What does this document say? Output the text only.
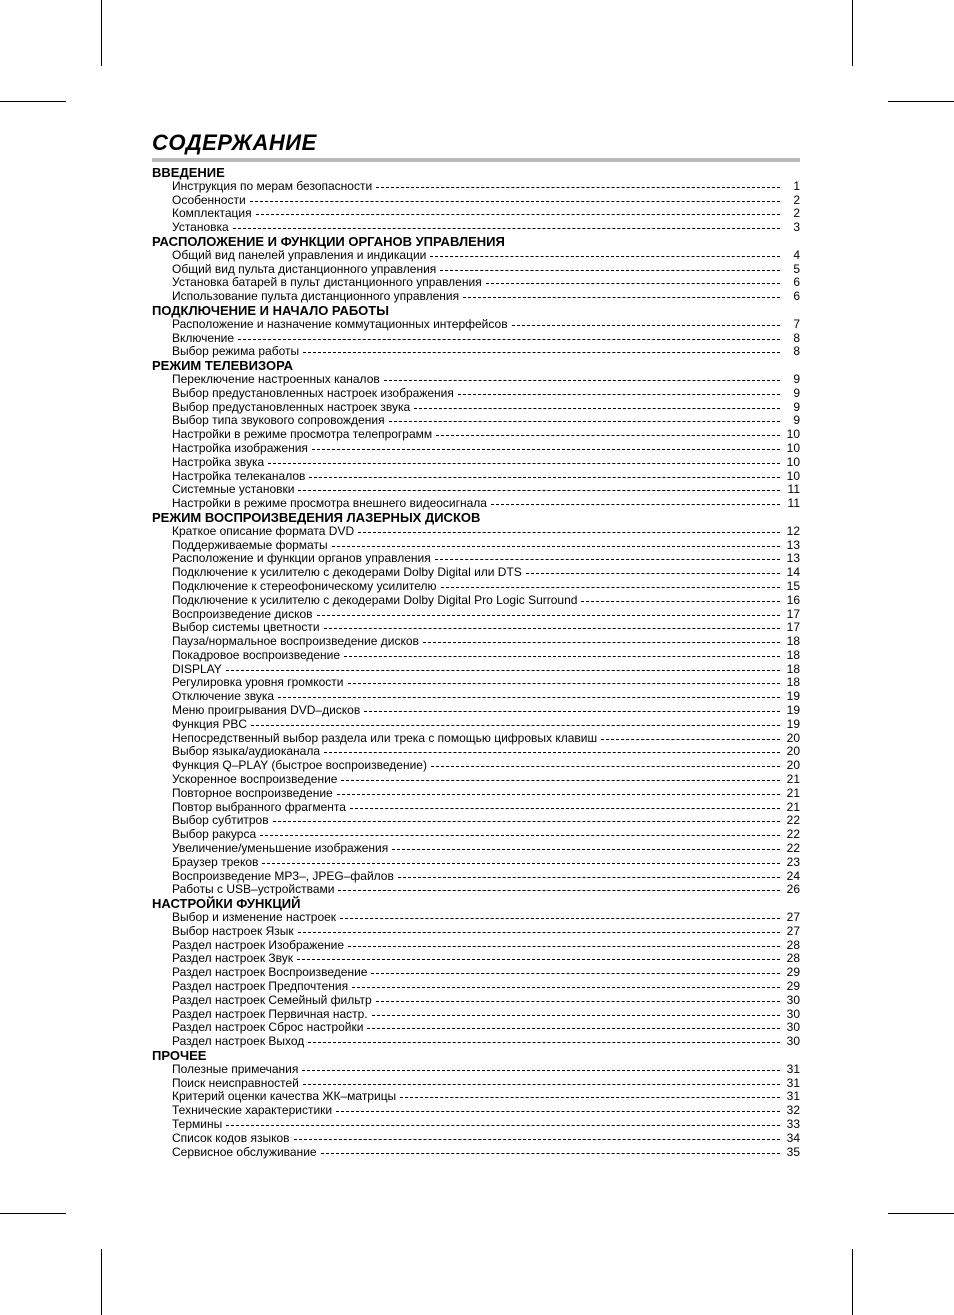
СОДЕРЖАНИЕ
ВВЕДЕНИЕ
Инструкция по мерам безопасности	1
Особенности	2
Комплектация	2
Установка	3
РАСПОЛОЖЕНИЕ И ФУНКЦИИ ОРГАНОВ УПРАВЛЕНИЯ
Общий вид панелей управления и индикации	4
Общий вид пульта дистанционного управления	5
Установка батарей в пульт дистанционного управления	6
Использование пульта дистанционного управления	6
ПОДКЛЮЧЕНИЕ И НАЧАЛО РАБОТЫ
Расположение и назначение коммутационных интерфейсов	7
Включение	8
Выбор режима работы	8
РЕЖИМ ТЕЛЕВИЗОРА
Переключение настроенных каналов	9
Выбор предустановленных настроек изображения	9
Выбор предустановленных настроек звука	9
Выбор типа звукового сопровождения	9
Настройки в режиме просмотра телепрограмм	10
Настройка изображения	10
Настройка звука	10
Настройка телеканалов	10
Системные установки	11
Настройки в режиме просмотра внешнего видеосигнала	11
РЕЖИМ ВОСПРОИЗВЕДЕНИЯ ЛАЗЕРНЫХ ДИСКОВ
Краткое описание формата DVD	12
Поддерживаемые форматы	13
Расположение и функции органов управления	13
Подключение к усилителю с декодерами Dolby Digital или DTS	14
Подключение к стереофоническому усилителю	15
Подключение к усилителю с декодерами Dolby Digital Pro Logic Surround	16
Воспроизведение дисков	17
Выбор системы цветности	17
Пауза/нормальное воспроизведение дисков	18
Покадровое воспроизведение	18
DISPLAY	18
Регулировка уровня громкости	18
Отключение звука	19
Меню проигрывания DVD–дисков	19
Функция PBC	19
Непосредственный выбор раздела или трека с помощью цифровых клавиш	20
Выбор языка/аудиоканала	20
Функция Q–PLAY (быстрое воспроизведение)	20
Ускоренное воспроизведение	21
Повторное воспроизведение	21
Повтор выбранного фрагмента	21
Выбор субтитров	22
Выбор ракурса	22
Увеличение/уменьшение изображения	22
Браузер треков	23
Воспроизведение MP3–, JPEG–файлов	24
Работы с USB–устройствами	26
НАСТРОЙКИ ФУНКЦИЙ
Выбор и изменение настроек	27
Выбор настроек Язык	27
Раздел настроек Изображение	28
Раздел настроек Звук	28
Раздел настроек Воспроизведение	29
Раздел настроек Предпочтения	29
Раздел настроек Семейный фильтр	30
Раздел настроек Первичная настр.	30
Раздел настроек Сброс настройки	30
Раздел настроек Выход	30
ПРОЧЕЕ
Полезные примечания	31
Поиск неисправностей	31
Критерий оценки качества ЖК–матрицы	31
Технические характеристики	32
Термины	33
Список кодов языков	34
Сервисное обслуживание	35
